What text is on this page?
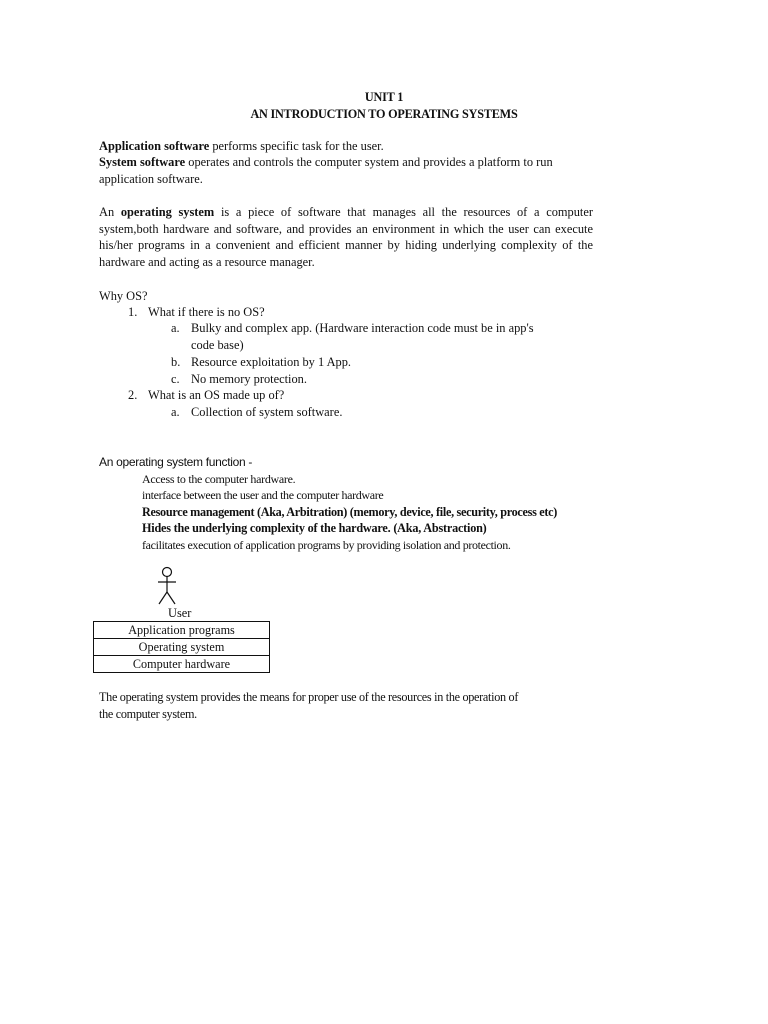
UNIT 1
AN INTRODUCTION TO OPERATING SYSTEMS
Application software performs specific task for the user.
System software operates and controls the computer system and provides a platform to run
application software.
An operating system is a piece of software that manages all the resources of a computer system,both hardware and software, and provides an environment in which the user can execute his/her programs in a convenient and efficient manner by hiding underlying complexity of the hardware and acting as a resource manager.
Why OS?
1. What if there is no OS?
a. Bulky and complex app. (Hardware interaction code must be in app's
code base)
b. Resource exploitation by 1 App.
c. No memory protection.
2. What is an OS made up of?
a. Collection of system software.
An operating system function -
Access to the computer hardware.
interface between the user and the computer hardware
Resource management (Aka, Arbitration) (memory, device, file, security, process etc)
Hides the underlying complexity of the hardware. (Aka, Abstraction)
facilitates execution of application programs by providing isolation and protection.
User
Application programs
Operating system
Computer hardware
The operating system provides the means for proper use of the resources in the operation of
the computer system.
